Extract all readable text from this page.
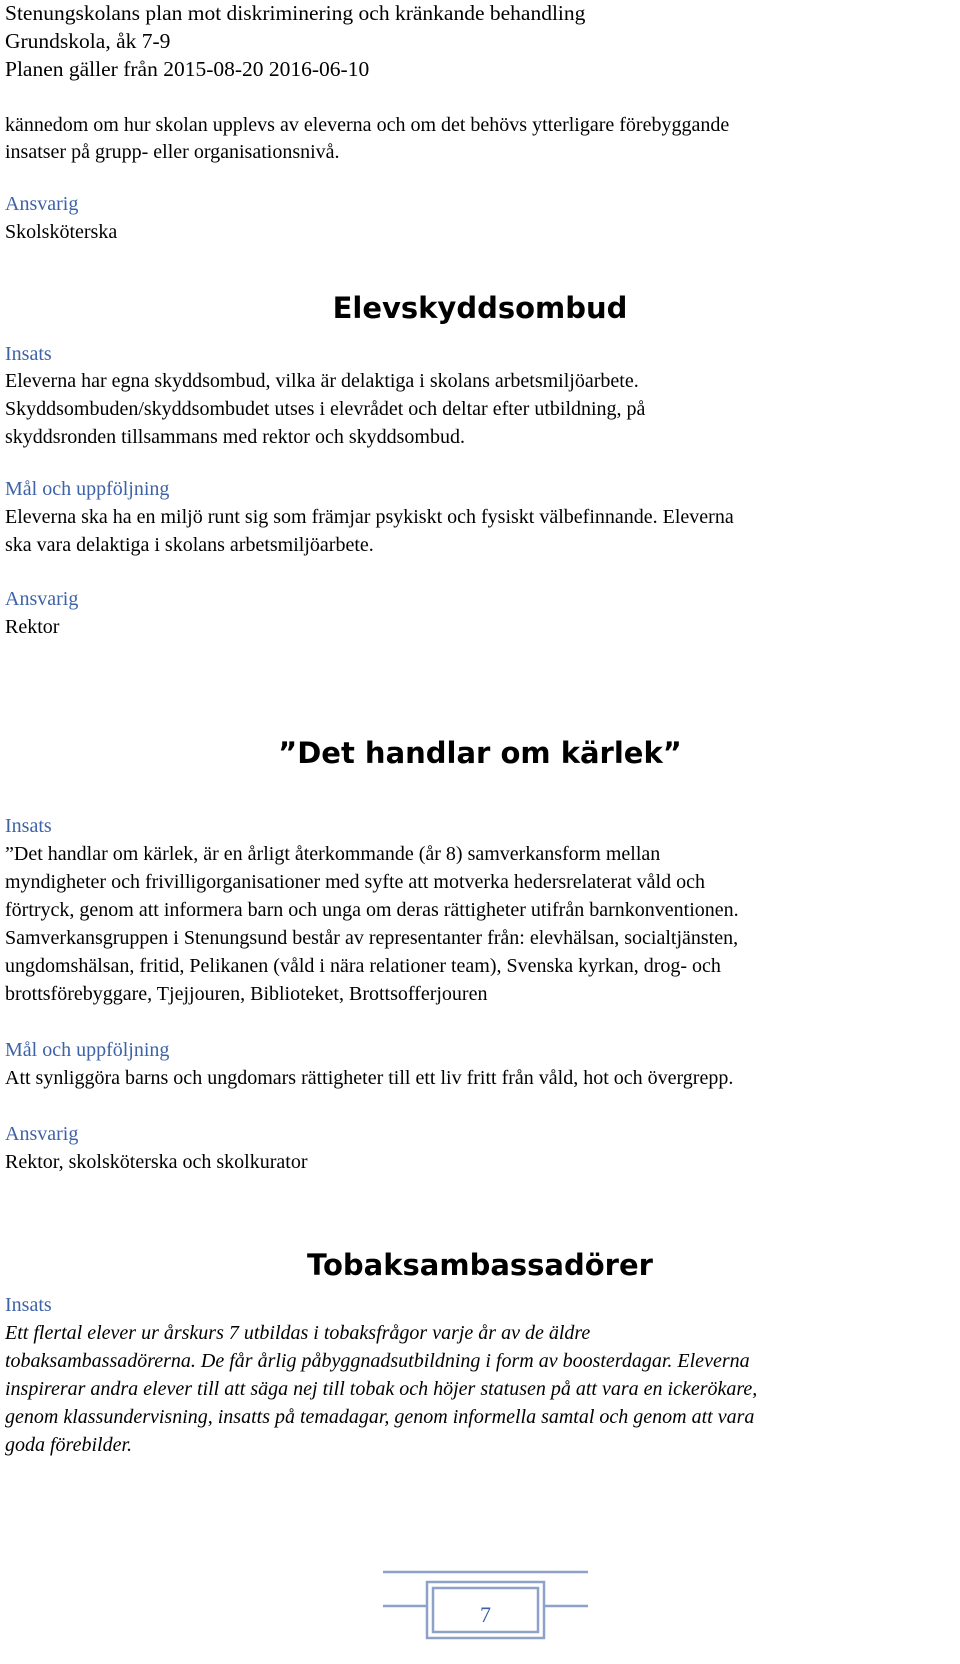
Stenungskolans plan mot diskriminering och kränkande behandling
Grundskola, åk 7-9
Planen gäller från 2015-08-20 2016-06-10
kännedom om hur skolan upplevs av eleverna och om det behövs ytterligare förebyggande
insatser på grupp- eller organisationsnivå.
Ansvarig
Skolsköterska
Elevskyddsombud
Insats
Eleverna har egna skyddsombud, vilka är delaktiga i skolans arbetsmiljöarbete.
Skyddsombuden/skyddsombudet utses i elevrådet och deltar efter utbildning, på
skyddsronden tillsammans med rektor och skyddsombud.
Mål och uppföljning
Eleverna ska ha en miljö runt sig som främjar psykiskt och fysiskt välbefinnande. Eleverna
ska vara delaktiga i skolans arbetsmiljöarbete.
Ansvarig
Rektor
”Det handlar om kärlek”
Insats
”Det handlar om kärlek, är en årligt återkommande (år 8) samverkansform mellan
myndigheter och frivilligorganisationer med syfte att motverka hedersrelaterat våld och
förtryck, genom att informera barn och unga om deras rättigheter utifrån barnkonventionen.
Samverkansgruppen i Stenungsund består av representanter från: elevhälsan, socialtjänsten,
ungdomshälsan, fritid, Pelikanen (våld i nära relationer team), Svenska kyrkan, drog- och
brottsförebyggare, Tjejjouren, Biblioteket, Brottsofferjouren
Mål och uppföljning
Att synliggöra barns och ungdomars rättigheter till ett liv fritt från våld, hot och övergrepp.
Ansvarig
Rektor, skolsköterska och skolkurator
Tobaksambassadörer
Insats
Ett flertal elever ur årskurs 7 utbildas i tobaksfrågor varje år av de äldre
tobaksambassadörerna. De får årlig påbyggnadsutbildning i form av boosterdagar. Eleverna
inspirerar andra elever till att säga nej till tobak och höjer statusen på att vara en ickerökare,
genom klassundervisning, insatts på temadagar, genom informella samtal och genom att vara
goda förebilder.
7
